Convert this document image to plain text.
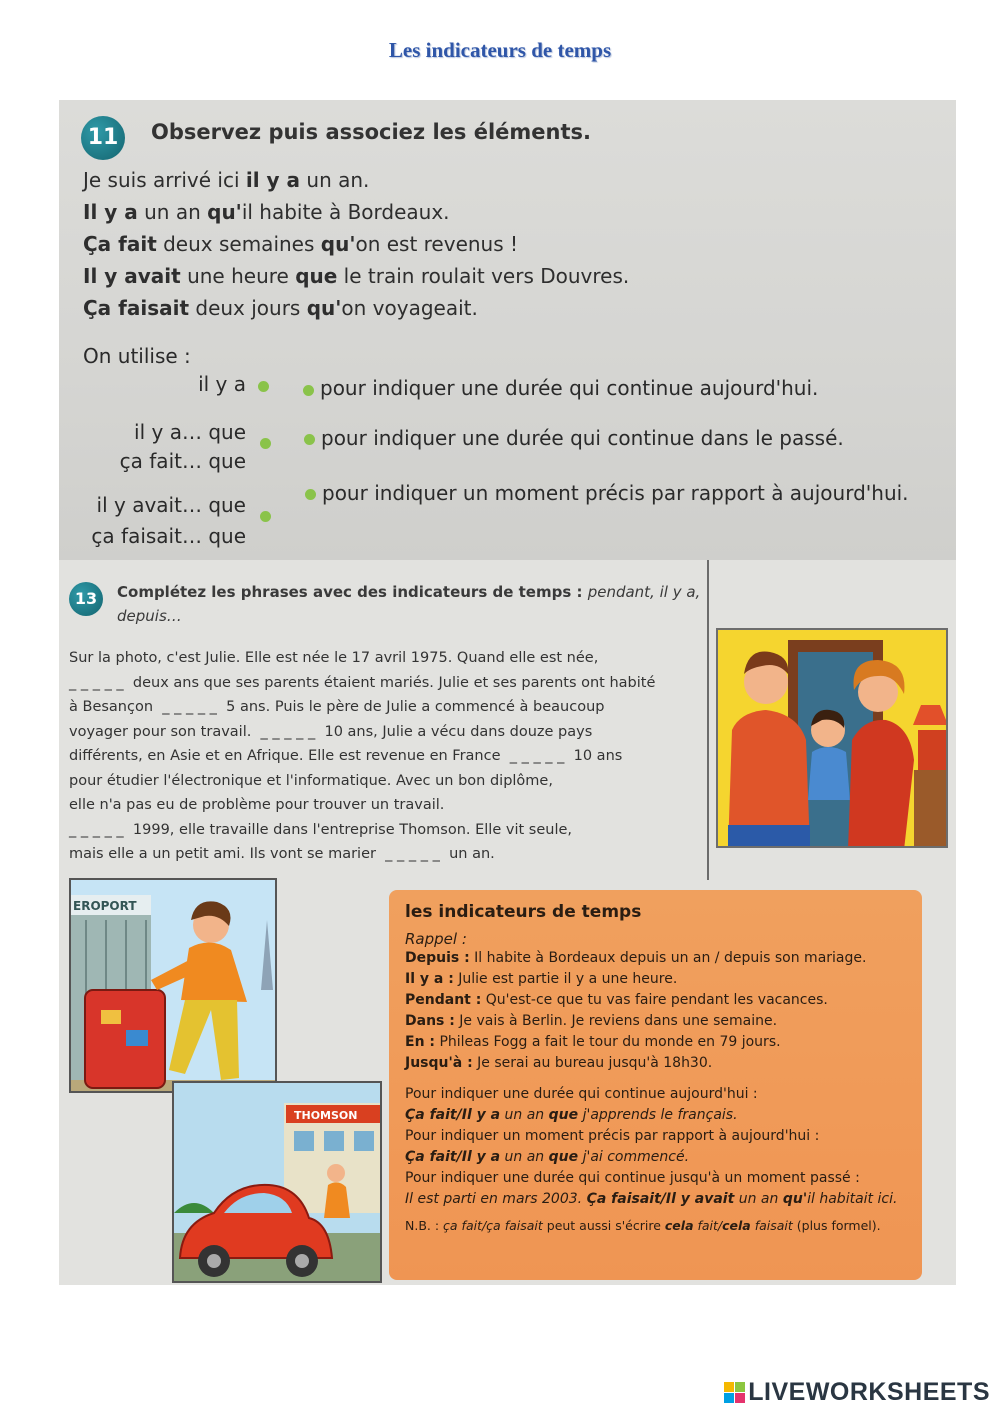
Les indicateurs de temps
11	Observez puis associez les éléments.
Je suis arrivé ici il y a un an.
Il y a un an qu'il habite à Bordeaux.
Ça fait deux semaines qu'on est revenus !
Il y avait une heure que le train roulait vers Douvres.
Ça faisait deux jours qu'on voyageait.
On utilise :
il y a
il y a… que
ça fait… que
il y avait… que
ça faisait… que
pour indiquer une durée qui continue aujourd'hui.
pour indiquer une durée qui continue dans le passé.
pour indiquer un moment précis par rapport à aujourd'hui.
13	Complétez les phrases avec des indicateurs de temps : pendant, il y a, depuis…
Sur la photo, c'est Julie. Elle est née le 17 avril 1975. Quand elle est née,
_ _ _ _ _  deux ans que ses parents étaient mariés. Julie et ses parents ont habité
à Besançon  _ _ _ _ _  5 ans. Puis le père de Julie a commencé à beaucoup
voyager pour son travail.  _ _ _ _ _  10 ans, Julie a vécu dans douze pays
différents, en Asie et en Afrique. Elle est revenue en France  _ _ _ _ _  10 ans
pour étudier l'électronique et l'informatique. Avec un bon diplôme,
elle n'a pas eu de problème pour trouver un travail.
_ _ _ _ _  1999, elle travaille dans l'entreprise Thomson. Elle vit seule,
mais elle a un petit ami. Ils vont se marier  _ _ _ _ _  un an.
EROPORT
THOMSON
les indicateurs de temps
Rappel :
Depuis : Il habite à Bordeaux depuis un an / depuis son mariage.
Il y a : Julie est partie il y a une heure.
Pendant : Qu'est-ce que tu vas faire pendant les vacances.
Dans : Je vais à Berlin. Je reviens dans une semaine.
En : Phileas Fogg a fait le tour du monde en 79 jours.
Jusqu'à : Je serai au bureau jusqu'à 18h30.
Pour indiquer une durée qui continue aujourd'hui :
Ça fait/Il y a un an que j'apprends le français.
Pour indiquer un moment précis par rapport à aujourd'hui :
Ça fait/Il y a un an que j'ai commencé.
Pour indiquer une durée qui continue jusqu'à un moment passé :
Il est parti en mars 2003. Ça faisait/Il y avait un an qu'il habitait ici.
N.B. : ça fait/ça faisait peut aussi s'écrire cela fait/cela faisait (plus formel).
LIVEWORKSHEETS
